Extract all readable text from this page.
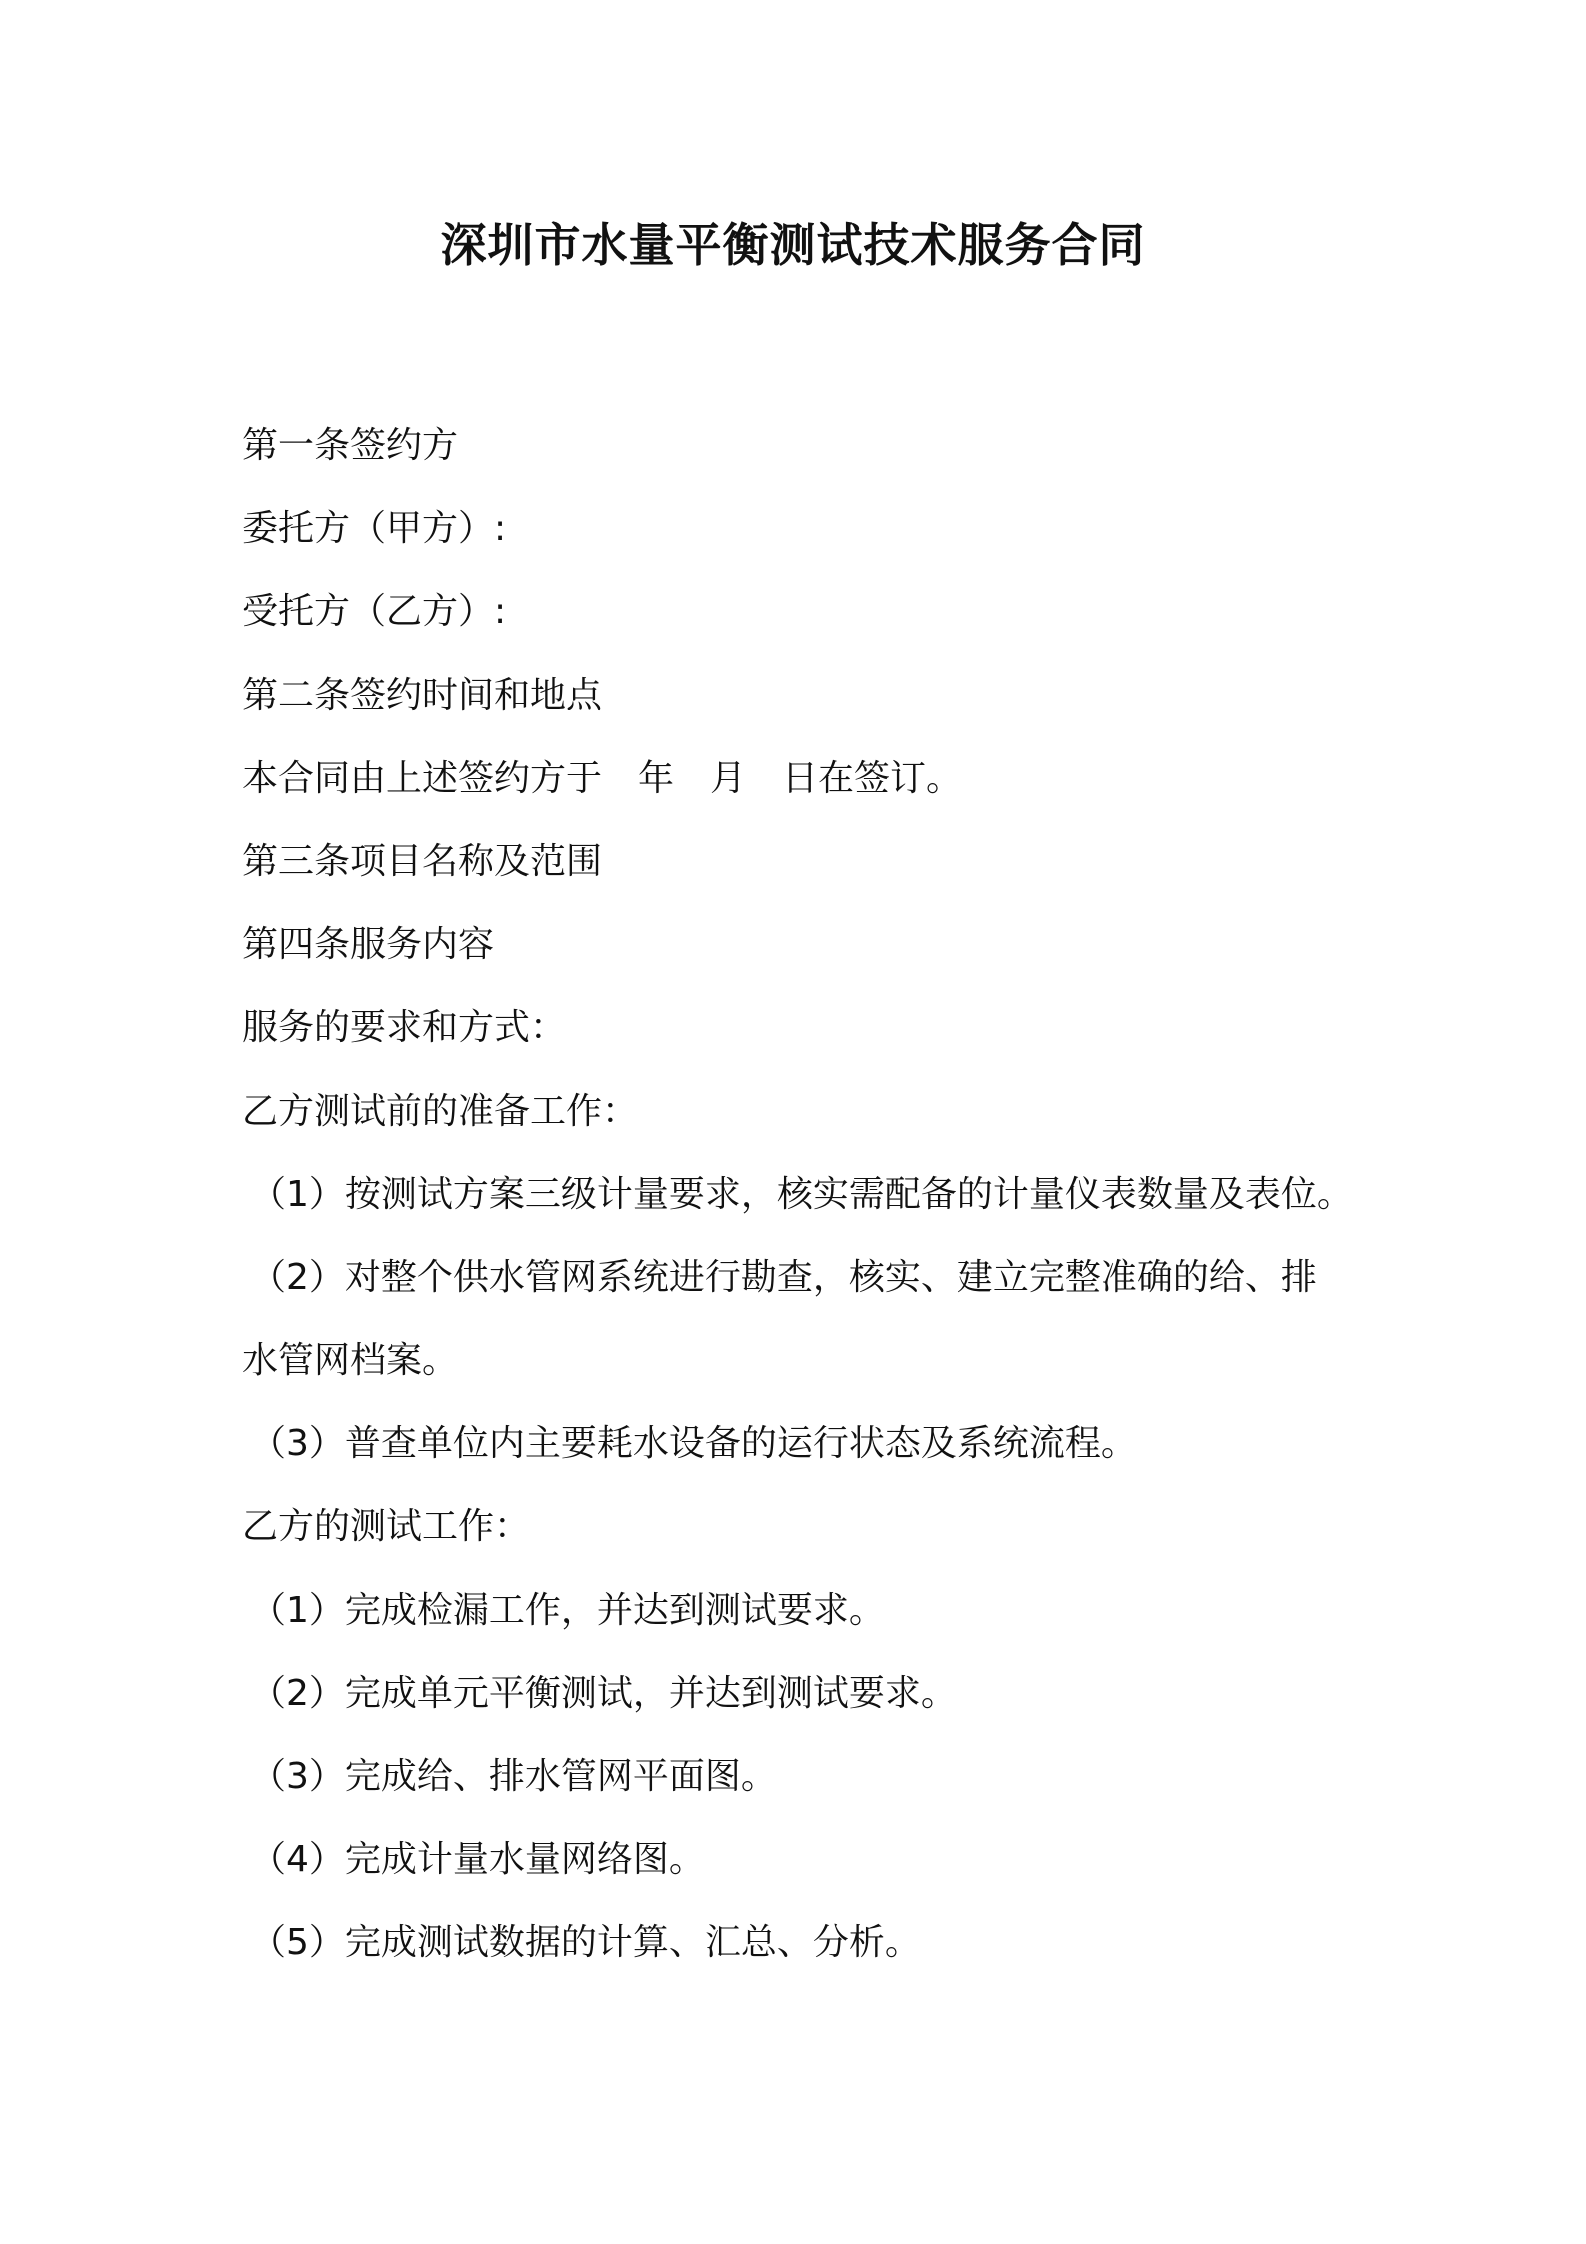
深圳市水量平衡测试技术服务合同

第一条签约方

委托方（甲方）:

受托方（乙方）:

第二条签约时间和地点

本合同由上述签约方于 年 月 日在签订。

第三条项目名称及范围

第四条服务内容

服务的要求和方式：

乙方测试前的准备工作：

（1）按测试方案三级计量要求，核实需配备的计量仪表数量及表位。

（2）对整个供水管网系统进行勘查，核实、建立完整准确的给、排

水管网档案。

（3）普查单位内主要耗水设备的运行状态及系统流程。

乙方的测试工作：

（1）完成检漏工作，并达到测试要求。

（2）完成单元平衡测试，并达到测试要求。

（3）完成给、排水管网平面图。

（4）完成计量水量网络图。

（5）完成测试数据的计算、汇总、分析。
